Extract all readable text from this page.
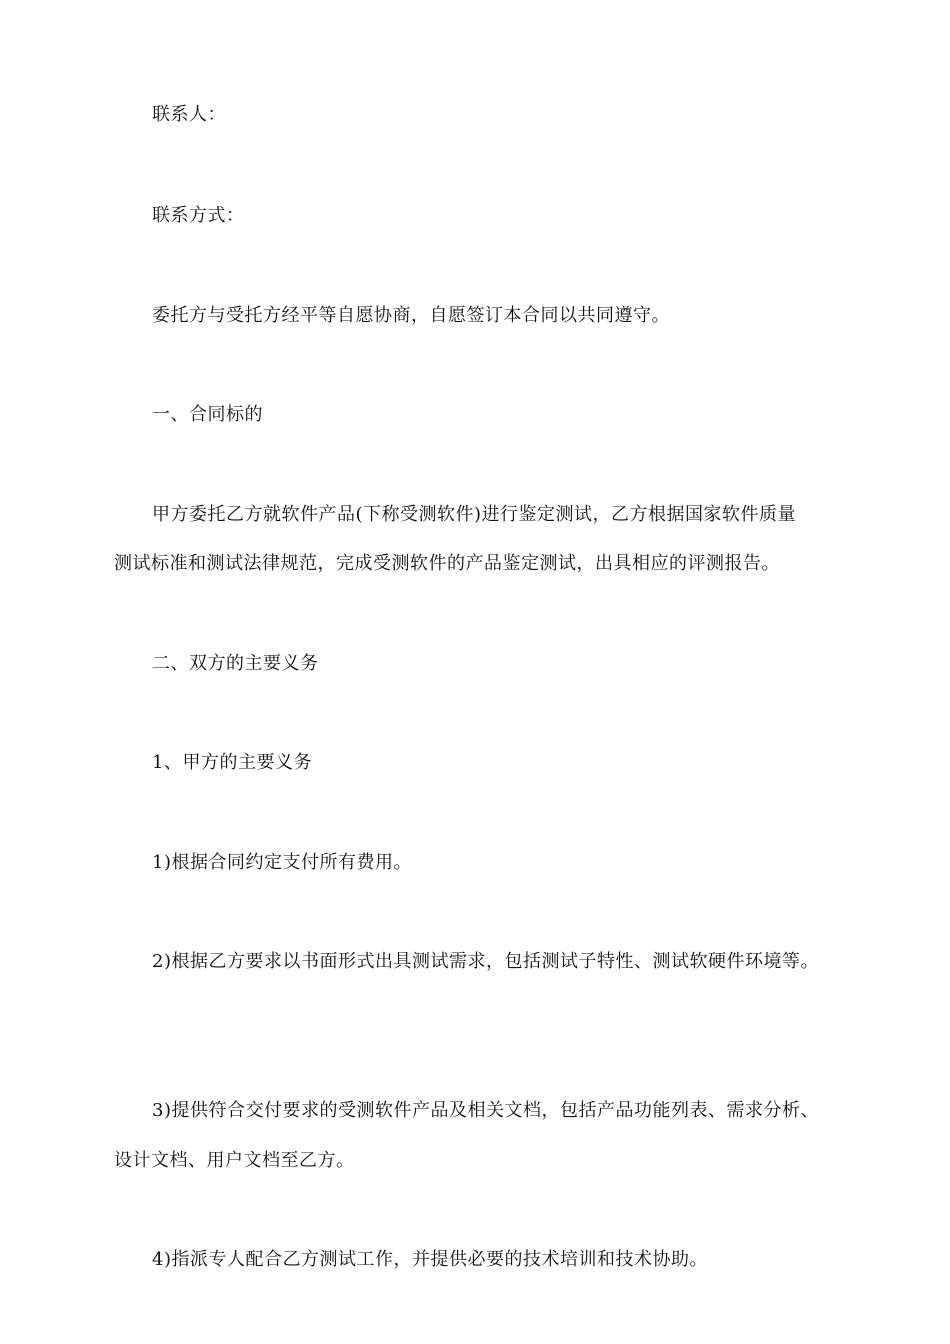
联系人：
联系方式：
委托方与受托方经平等自愿协商，自愿签订本合同以共同遵守。
一、合同标的
甲方委托乙方就软件产品(下称受测软件)进行鉴定测试，乙方根据国家软件质量
测试标准和测试法律规范，完成受测软件的产品鉴定测试，出具相应的评测报告。
二、双方的主要义务
1、甲方的主要义务
1)根据合同约定支付所有费用。
2)根据乙方要求以书面形式出具测试需求，包括测试子特性、测试软硬件环境等。
3)提供符合交付要求的受测软件产品及相关文档，包括产品功能列表、需求分析、
设计文档、用户文档至乙方。
4)指派专人配合乙方测试工作，并提供必要的技术培训和技术协助。
